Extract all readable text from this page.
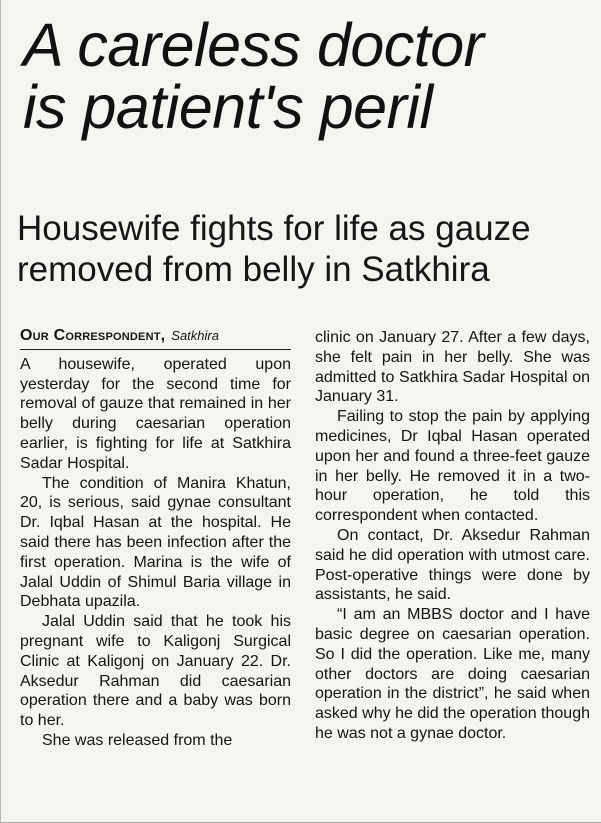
A careless doctor
is patient's peril
Housewife fights for life as gauze
removed from belly in Satkhira
Our Correspondent, Satkhira

A housewife, operated upon yesterday for the second time for removal of gauze that remained in her belly during caesarian operation earlier, is fighting for life at Satkhira Sadar Hospital.

The condition of Manira Khatun, 20, is serious, said gynae consultant Dr. Iqbal Hasan at the hospital. He said there has been infection after the first operation. Marina is the wife of Jalal Uddin of Shimul Baria village in Debhata upazila.

Jalal Uddin said that he took his pregnant wife to Kaligonj Surgical Clinic at Kaligonj on January 22. Dr. Aksedur Rahman did caesarian operation there and a baby was born to her.

She was released from the

clinic on January 27. After a few days, she felt pain in her belly. She was admitted to Satkhira Sadar Hospital on January 31.

Failing to stop the pain by applying medicines, Dr Iqbal Hasan operated upon her and found a three-feet gauze in her belly. He removed it in a two-hour operation, he told this correspondent when contacted.

On contact, Dr. Aksedur Rahman said he did operation with utmost care. Post-operative things were done by assistants, he said.

“I am an MBBS doctor and I have basic degree on caesarian operation. So I did the operation. Like me, many other doctors are doing caesarian operation in the district”, he said when asked why he did the operation though he was not a gynae doctor.
